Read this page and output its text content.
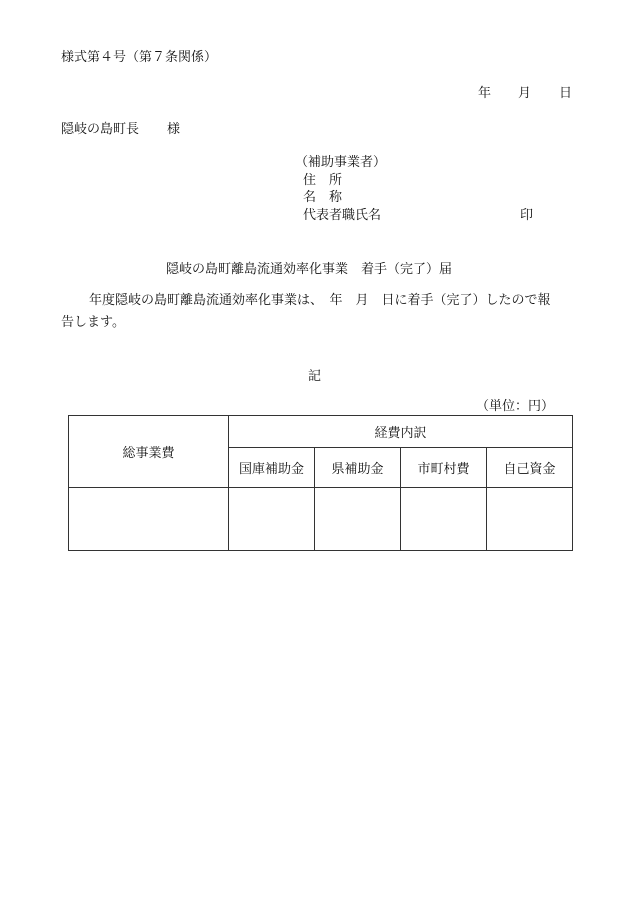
様式第４号（第７条関係）
年 月 日
隠岐の島町長 様
（補助事業者）
住　所
名　称
代表者職氏名	印
隠岐の島町離島流通効率化事業　着手（完了）届
年度隠岐の島町離島流通効率化事業は、　年　月　日に着手（完了）したので報
告します。
記
（単位：円）
総事業費	経費内訳			
	国庫補助金	県補助金	市町村費	自己資金
